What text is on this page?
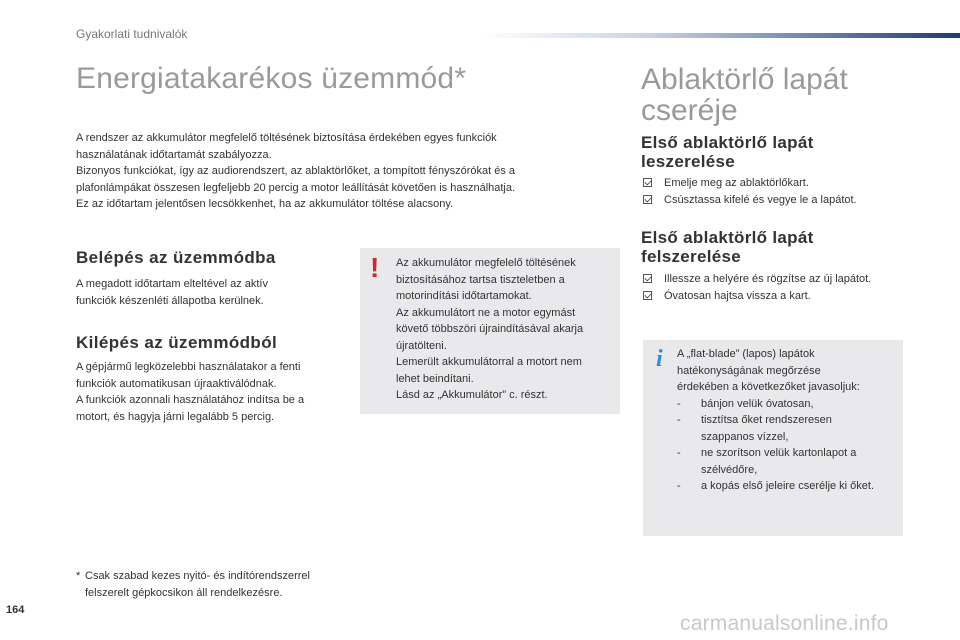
Gyakorlati tudnivalók
Energiatakarékos üzemmód*

A rendszer az akkumulátor megfelelő töltésének biztosítása érdekében egyes funkciók

használatának időtartamát szabályozza.

Bizonyos funkciókat, így az audiorendszert, az ablaktörlőket, a tompított fényszórókat és a

plafonlámpákat összesen legfeljebb 20 percig a motor leállítását követően is használhatja.

Ez az időtartam jelentősen lecsökkenhet, ha az akkumulátor töltése alacsony.

Belépés az üzemmódba

A megadott időtartam elteltével az aktív

funkciók készenléti állapotba kerülnek.

Kilépés az üzemmódból

A gépjármű legközelebbi használatakor a fenti

funkciók automatikusan újraaktiválódnak.

A funkciók azonnali használatához indítsa be a

motort, és hagyja járni legalább 5 percig.

! Az akkumulátor megfelelő töltésének

biztosításához tartsa tiszteletben a

motorindítási időtartamokat.

Az akkumulátort ne a motor egymást

követő többszöri újraindításával akarja

újratölteni.

Lemerült akkumulátorral a motort nem

lehet beindítani.

Lásd az „Akkumulátor” c. részt.

* Csak szabad kezes nyitó- és indítórendszerrel
felszerelt gépkocsikon áll rendelkezésre.
Ablaktörlő lapát
cseréje
Első ablaktörlő lapát
leszerelése
Emelje meg az ablaktörlőkart.
Csúsztassa kifelé és vegye le a lapátot.
Első ablaktörlő lapát
felszerelése
Illessze a helyére és rögzítse az új lapátot.
Óvatosan hajtsa vissza a kart.
i A „flat-blade” (lapos) lapátok

hatékonyságának megőrzése

érdekében a következőket javasoljuk:

-	bánjon velük óvatosan,
-	tisztítsa őket rendszeresen
szappanos vízzel,
-	ne szorítson velük kartonlapot a
szélvédőre,
-	a kopás első jeleire cserélje ki őket.
164
carmanualsonline.info
